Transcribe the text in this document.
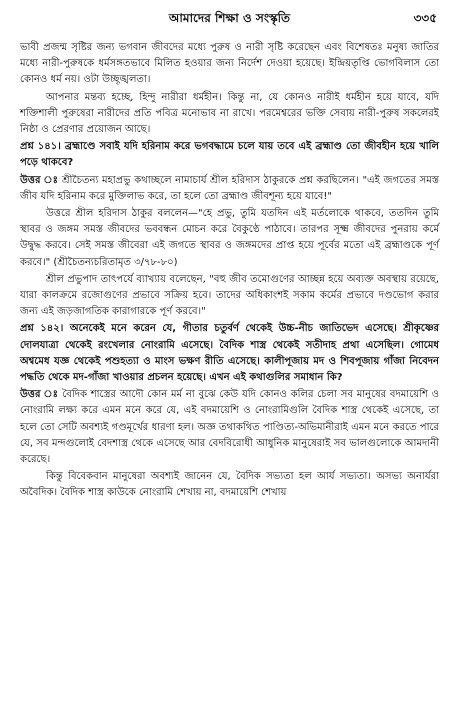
আমাদের শিক্ষা ও সংস্কৃতি	৩৩৫

ভাবী প্রজন্ম সৃষ্টির জন্য ভগবান জীবদের মধ্যে পুরুষ ও নারী সৃষ্টি করেছেন এবং বিশেষতঃ মনুষ্য জাতির মধ্যে নারী-পুরুষকে ধর্মসঙ্গতভাবে মিলিত হওয়ার জন্য নির্দেশ দেওয়া হয়েছে। ইন্দ্রিয়তৃপ্তি ভোগবিলাস তো কোনও ধর্ম নয়। ওটা উচ্ছৃঙ্খলতা।

আপনার মন্তব্য হচ্ছে, হিন্দু নারীরা ধর্মহীন। কিন্তু না, যে কোনও নারীই ধর্মহীন হয়ে যাবে, যদি শক্তিশালী পুরুষেরা নারীদের প্রতি পবিত্র মনোভাব না রাখে। পরমেশ্বরের ভক্তি সেবায় নারী-পুরুষ সকলেরই নিষ্ঠা ও প্রেরণার প্রয়োজন আছে।

প্রশ্ন ১৪১। ব্রহ্মাণ্ডে সবাই যদি হরিনাম করে ভগবদ্ধামে চলে যায় তবে এই ব্রহ্মাণ্ড তো জীবহীন হয়ে খালি পড়ে থাকবে?

উত্তর ঃ শ্রীচৈতন্য মহাপ্রভু কথাচ্ছলে নামাচার্য শ্রীল হরিদাস ঠাকুরকে প্রশ্ন করছিলেন। "এই জগতের সমস্ত জীব যদি হরিনাম করে মুক্তিলাভ করে, তা হলে তো ব্রহ্মাণ্ড জীবশূন্য হয়ে যাবে!"

উত্তরে শ্রীল হরিদাস ঠাকুর বললেন—"হে প্রভু, তুমি যতদিন এই মর্তলোকে থাকবে, ততদিন তুমি স্থাবর ও জঙ্গম সমস্ত জীবদের ভববন্ধন মোচন করে বৈকুণ্ঠে পাঠাবে। তারপর সূক্ষ্ম জীবদের পুনরায় কর্মে উদ্বুদ্ধ করবে। সেই সমস্ত জীবেরা এই জগতে স্থাবর ও জঙ্গমদের প্রাপ্ত হয়ে পূর্বের মতো এই ব্রহ্মাণ্ডকে পূর্ণ করবে।" (শ্রীচৈতন্যচরিতামৃত ৩/৭৮-৮০)

শ্রীল প্রভুপাদ তাৎপর্যে ব্যাখ্যায় বলেছেন, "বহু জীব তমোগুণের আচ্ছন্ন হয়ে অব্যক্ত অবস্থায় রয়েছে, যারা কালক্রমে রজোগুণের প্রভাবে সক্রিয় হবে। তাদের অধিকাংশই সকাম কর্মের প্রভাবে দণ্ডভোগ করার জন্য এই জড়জাগতিক কারাগারকে পূর্ণ করবে।"

প্রশ্ন ১৪২। অনেকেই মনে করেন যে, গীতার চতুর্বর্ণ থেকেই উচ্চ-নীচ জাতিভেদ এসেছে। শ্রীকৃষ্ণের দোলযাত্রা থেকেই রংখেলার নোংরামি এসেছে। বৈদিক শাস্ত্র থেকেই সতীদাহ প্রথা এসেছিল। গোমেধ অশ্বমেধ যজ্ঞ থেকেই পশুহত্যা ও মাংস ভক্ষণ রীতি এসেছে। কালীপূজায় মদ ও শিবপূজায় গাঁজা নিবেদন পদ্ধতি থেকে মদ-গাঁজা খাওয়ার প্রচলন হয়েছে। এখন এই কথাগুলির সমাধান কি?

উত্তর ঃ বৈদিক শাস্ত্রের আদৌ কোন মর্ম না বুঝে কেউ যদি কোনও কলির চেলা সব মানুষের বদমায়েশি ও নোংরামি লক্ষ্য করে এমন মনে করে যে, এই বদমায়েশি ও নোংরামিগুলি বৈদিক শাস্ত্র থেকেই এসেছে, তা হলে তো সেটি অবশ্যই গণ্ডমূর্খের ধারণা হল। অজ্ঞ তথাকথিত পাণ্ডিত্য-অভিমানীরাই এমন মনে করতে পারে যে, সব মন্দগুলোই বেদশাস্ত্র থেকে এসেছে আর বেদবিরোধী আধুনিক মানুষেরাই সব ভালগুলোকে আমদানী করেছে।

কিন্তু বিবেকবান মানুষেরা অবশ্যই জানেন যে, বৈদিক সভ্যতা হল আর্য সভ্যতা। অসভ্য অনার্যরা অবৈদিক। বৈদিক শাস্ত্র কাউকে নোংরামি শেখায় না, বদমায়েশি শেখায়
